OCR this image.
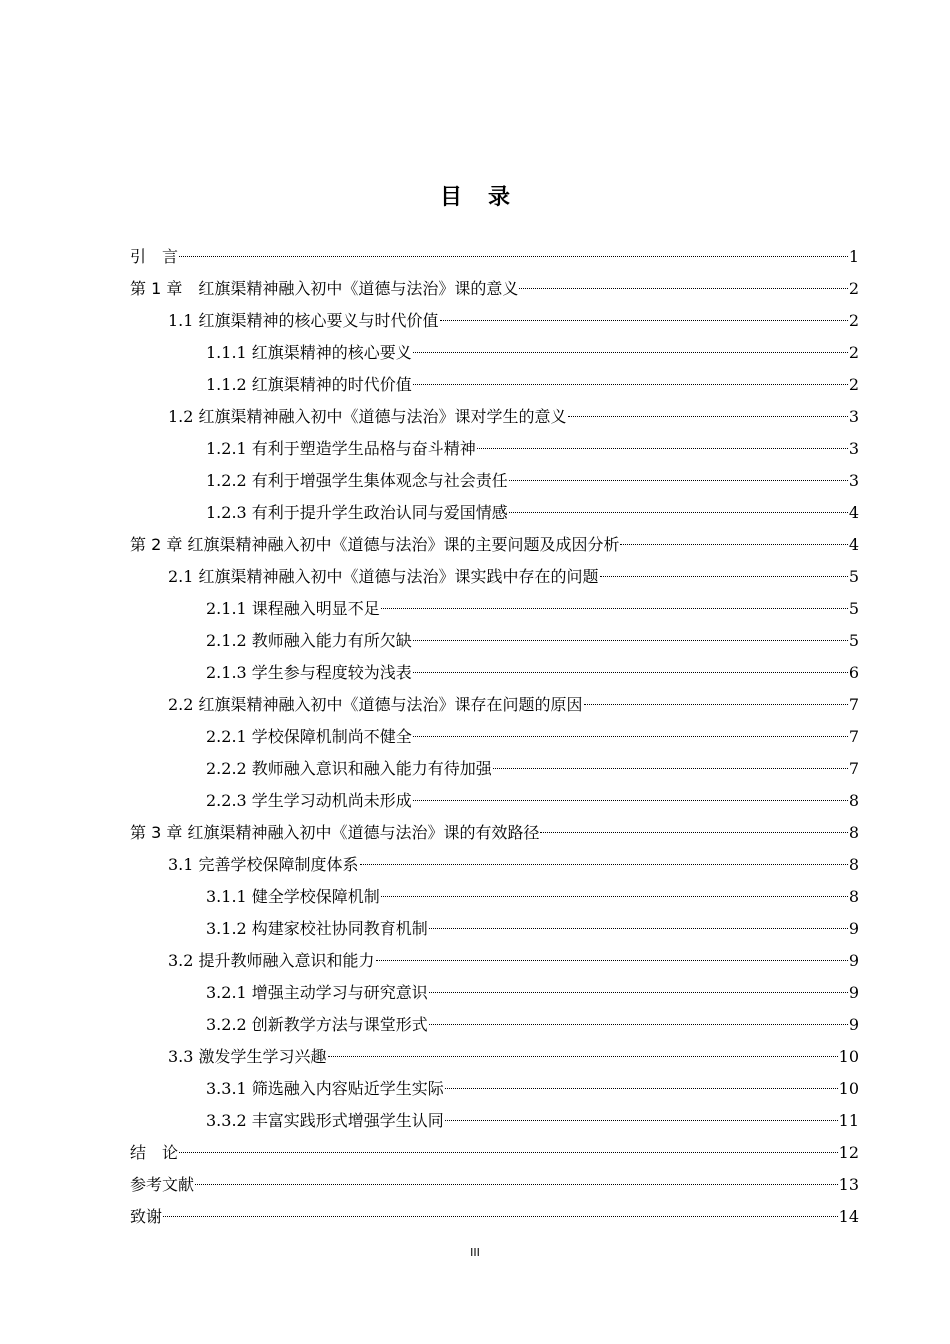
目 录
引　言	1
第 1 章　红旗渠精神融入初中《道德与法治》课的意义	2
1.1 红旗渠精神的核心要义与时代价值	2
1.1.1 红旗渠精神的核心要义	2
1.1.2 红旗渠精神的时代价值	2
1.2 红旗渠精神融入初中《道德与法治》课对学生的意义	3
1.2.1 有利于塑造学生品格与奋斗精神	3
1.2.2 有利于增强学生集体观念与社会责任	3
1.2.3 有利于提升学生政治认同与爱国情感	4
第 2 章 红旗渠精神融入初中《道德与法治》课的主要问题及成因分析	4
2.1 红旗渠精神融入初中《道德与法治》课实践中存在的问题	5
2.1.1 课程融入明显不足	5
2.1.2 教师融入能力有所欠缺	5
2.1.3 学生参与程度较为浅表	6
2.2 红旗渠精神融入初中《道德与法治》课存在问题的原因	7
2.2.1 学校保障机制尚不健全	7
2.2.2 教师融入意识和融入能力有待加强	7
2.2.3 学生学习动机尚未形成	8
第 3 章 红旗渠精神融入初中《道德与法治》课的有效路径	8
3.1 完善学校保障制度体系	8
3.1.1 健全学校保障机制	8
3.1.2 构建家校社协同教育机制	9
3.2 提升教师融入意识和能力	9
3.2.1 增强主动学习与研究意识	9
3.2.2 创新教学方法与课堂形式	9
3.3 激发学生学习兴趣	10
3.3.1 筛选融入内容贴近学生实际	10
3.3.2 丰富实践形式增强学生认同	11
结　论	12
参考文献	13
致谢	14
III
